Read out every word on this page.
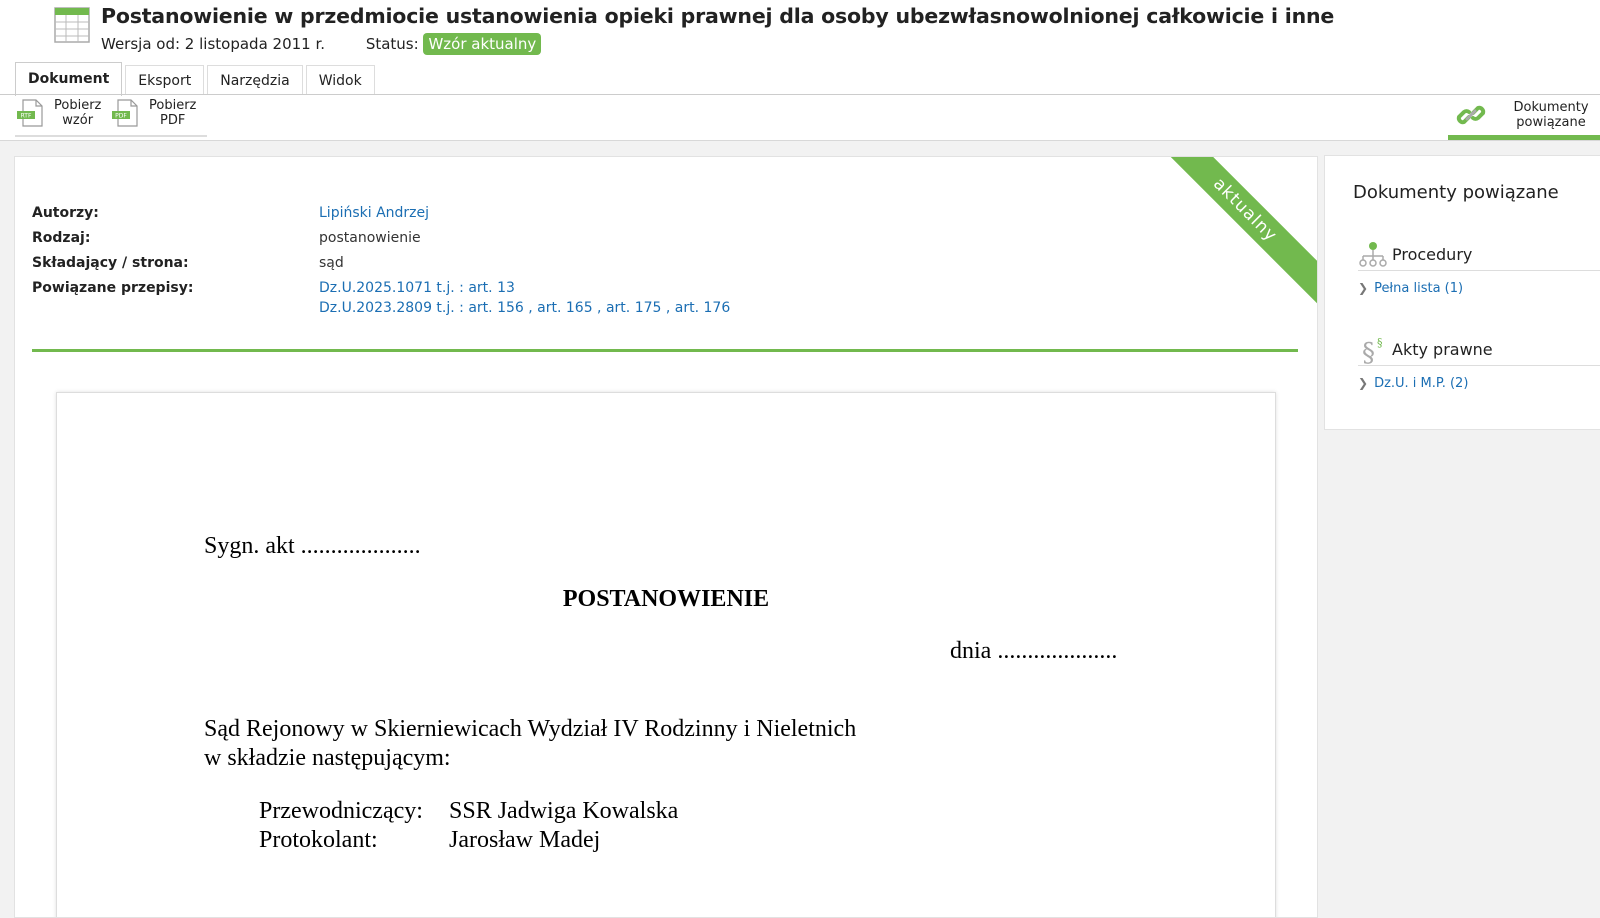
Postanowienie w przedmiocie ustanowienia opieki prawnej dla osoby ubezwłasnowolnionej całkowicie i inne
Wersja od: 2 listopada 2011 r.	Status: Wzór aktualny
Dokument	Eksport	Narzędzia	Widok
RTF
Pobierz
wzór	PDF
Pobierz
PDF
Dokumenty
powiązane
aktualny
Autorzy:	Lipiński Andrzej
Rodzaj:	postanowienie
Składający / strona:	sąd
Powiązane przepisy:	Dz.U.2025.1071 t.j. : art. 13
Dz.U.2023.2809 t.j. : art. 156 , art. 165 , art. 175 , art. 176
Sygn. akt ....................
POSTANOWIENIE
dnia ....................
Sąd Rejonowy w Skierniewicach Wydział IV Rodzinny i Nieletnich
w składzie następującym:
Przewodniczący: SSR Jadwiga Kowalska
Protokolant:	Jarosław Madej
Dokumenty powiązane
Procedury
❯ Pełna lista (1)
§ § Akty prawne
❯ Dz.U. i M.P. (2)
